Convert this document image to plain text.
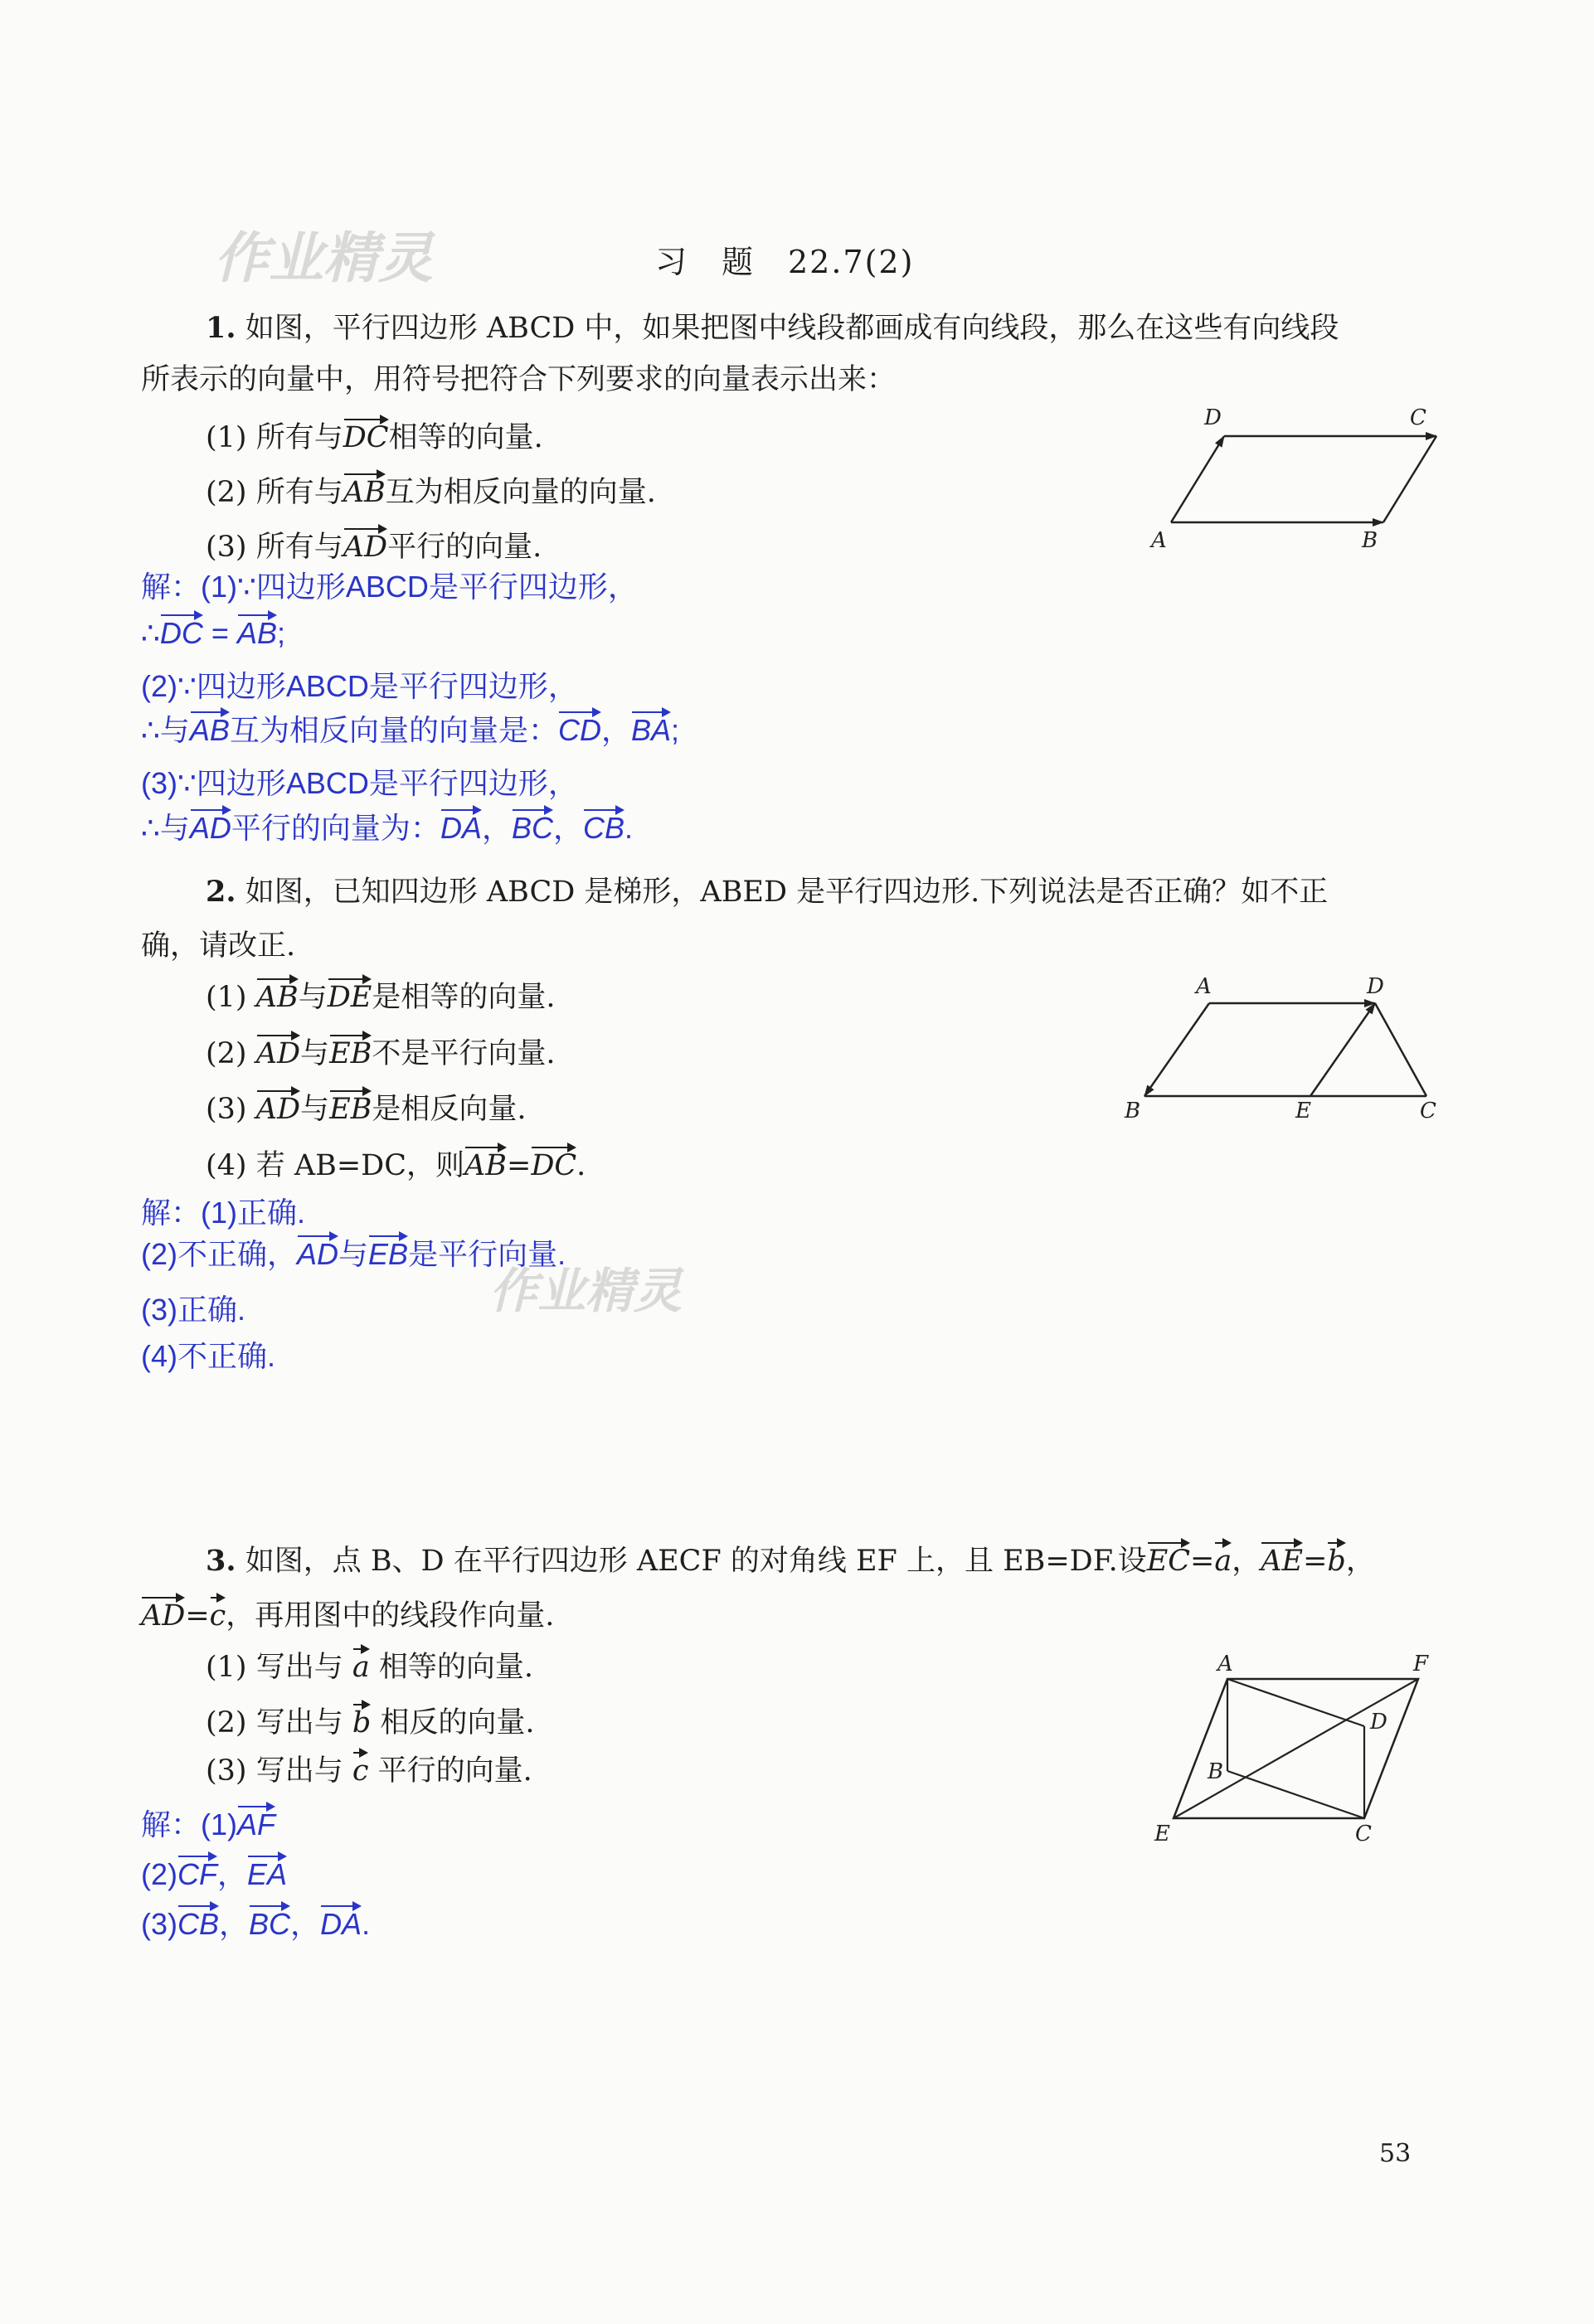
作业精灵
作业精灵
习　题　22.7(2)
1. 如图，平行四边形 ABCD 中，如果把图中线段都画成有向线段，那么在这些有向线段
所表示的向量中，用符号把符合下列要求的向量表示出来：
(1) 所有与DC相等的向量.
(2) 所有与AB互为相反向量的向量.
(3) 所有与AD平行的向量.	A	B
C
D
解：(1)∵四边形ABCD是平行四边形，
∴DC = AB;
(2)∵四边形ABCD是平行四边形，
∴与AB互为相反向量的向量是：CD，BA;
(3)∵四边形ABCD是平行四边形，
∴与AD平行的向量为：DA，BC，CB.
2. 如图，已知四边形 ABCD 是梯形，ABED 是平行四边形.下列说法是否正确？如不正
确，请改正.
(1) AB与DE是相等的向量.
(2) AD与EB不是平行向量.
(3) AD与EB是相反向量.
(4) 若 AB=DC，则AB=DC.
A	D
B	E	C
解：(1)正确.
(2)不正确，AD与EB是平行向量.
(3)正确.
(4)不正确.
3. 如图，点 B、D 在平行四边形 AECF 的对角线 EF 上，且 EB=DF.设EC=a，AE=b，
AD=c，再用图中的线段作向量.
(1) 写出与 a 相等的向量.
(2) 写出与 b 相反的向量.
(3) 写出与 c 平行的向量.
A	F
D
B
E	C
解：(1)AF
(2)CF，EA
(3)CB，BC，DA.
53
